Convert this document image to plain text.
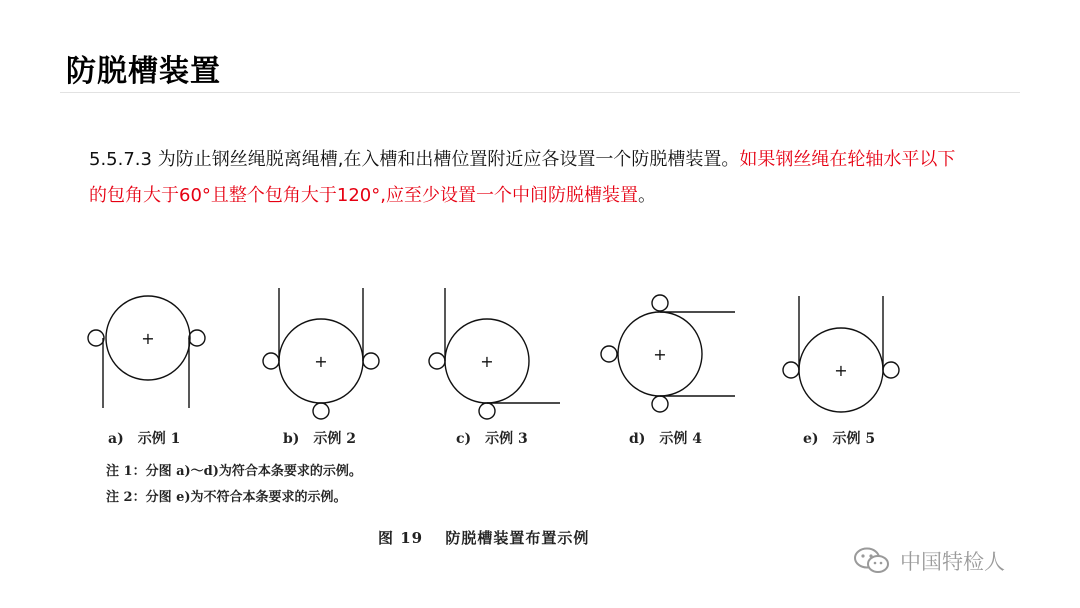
防脱槽装置
5.5.7.3 为防止钢丝绳脱离绳槽,在入槽和出槽位置附近应各设置一个防脱槽装置。如果钢丝绳在轮轴水平以下的包角大于60°且整个包角大于120°,应至少设置一个中间防脱槽装置。
+
+	+	+
+
a)　示例 1	b)　示例 2	c)　示例 3	d)　示例 4	e)　示例 5
注 1：分图 a)～d)为符合本条要求的示例。
注 2：分图 e)为不符合本条要求的示例。
图 19　 防脱槽装置布置示例
中国特检人
